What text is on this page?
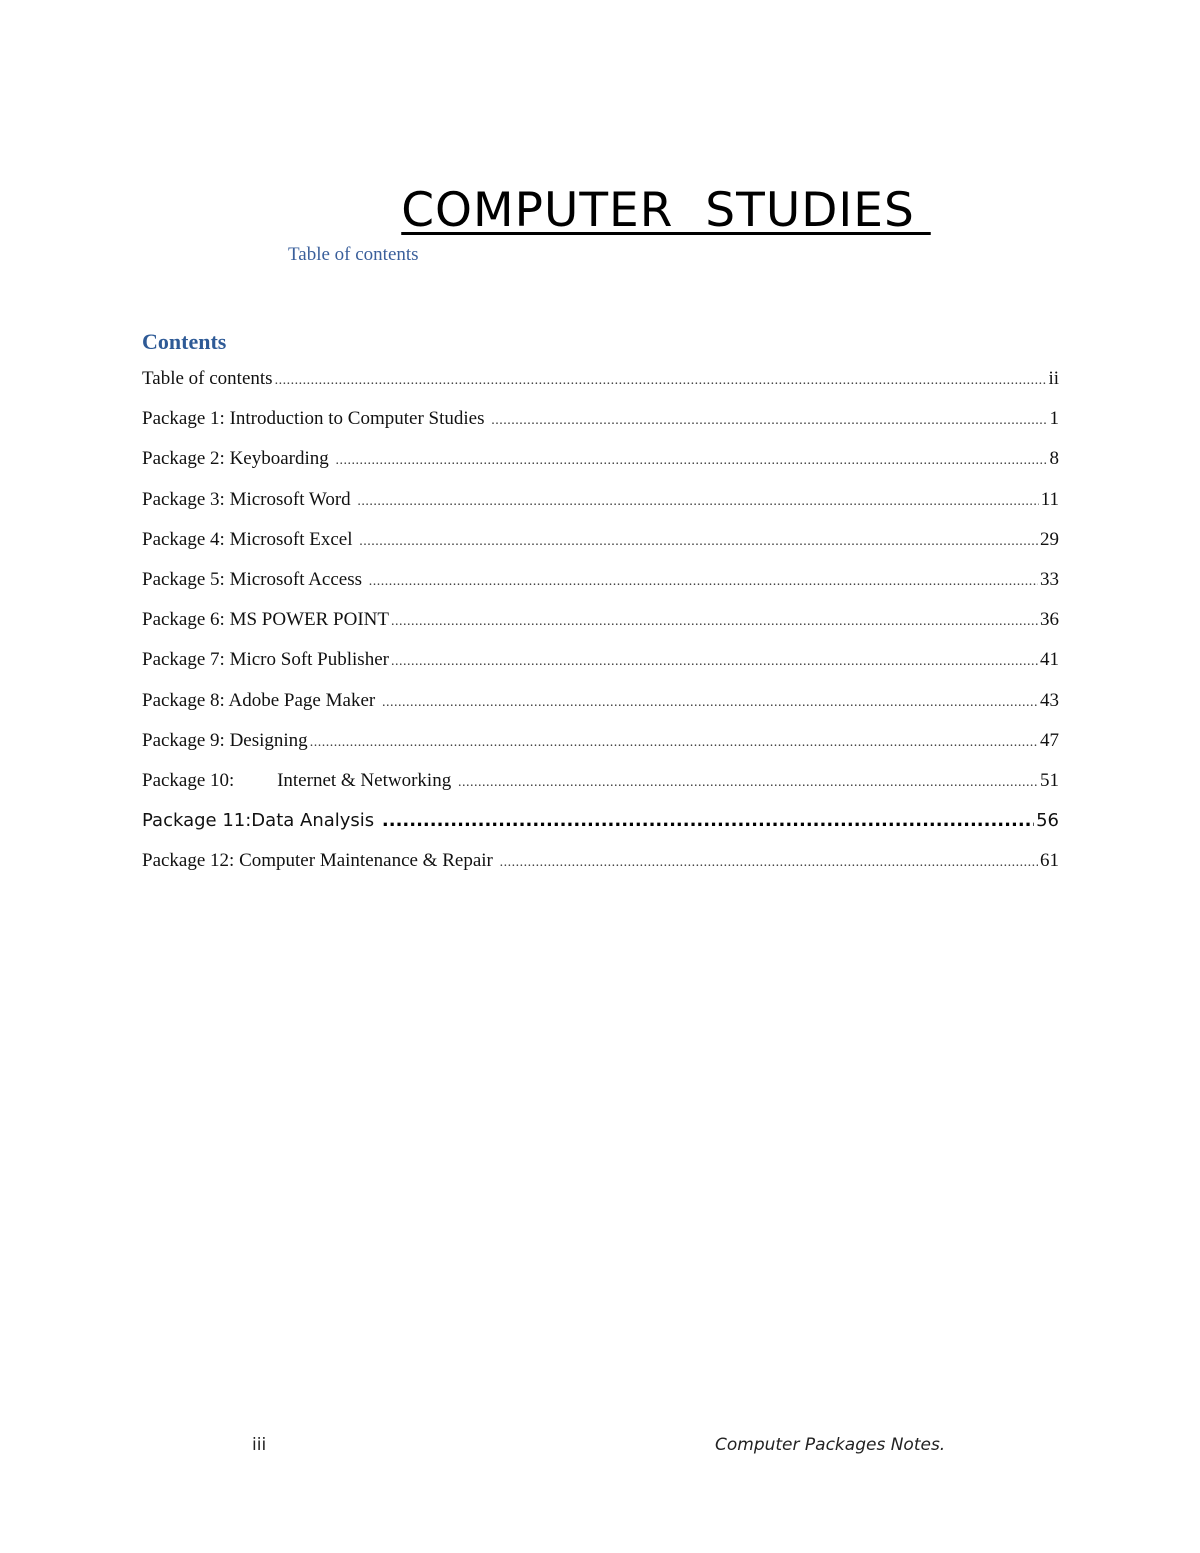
COMPUTER  STUDIES
Table of contents
Contents
Table of contents .....	ii
Package 1: Introduction to Computer Studies .....	1
Package 2: Keyboarding .....	8
Package 3: Microsoft Word .....	11
Package 4: Microsoft Excel .....	29
Package 5: Microsoft Access .....	33
Package 6: MS POWER POINT .....	36
Package 7: Micro Soft Publisher .....	41
Package 8: Adobe Page Maker .....	43
Package 9: Designing .....	47
Package 10:         Internet & Networking .....	51
Package 11:Data Analysis .....	56
Package 12: Computer Maintenance & Repair .....	61
iii	Computer Packages Notes.
